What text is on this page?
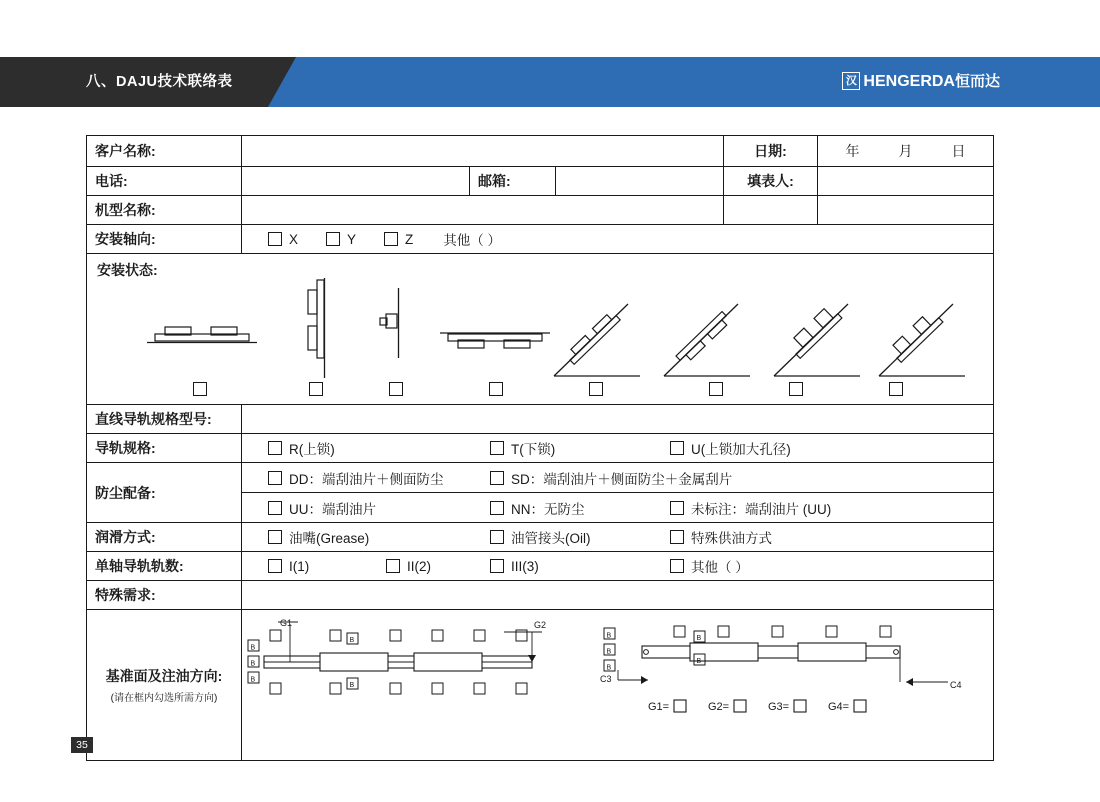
八、DAJU技术联络表	汉 HENGERDA恒而达
客户名称:	日期:	年	月	日
电话:	邮箱:	填表人:
机型名称:
安装轴向:	X	Y	Z 其他（ ）
安装状态:
直线导轨规格型号:
导轨规格:	R(上锁)	T(下锁)	U(上锁加大孔径)
防尘配备:
DD：端刮油片＋侧面防尘	SD：端刮油片＋侧面防尘＋金属刮片
UU：端刮油片	NN：无防尘	未标注：端刮油片 (UU)
润滑方式:	油嘴(Grease)	油管接头(Oil)	特殊供油方式
单轴导轨轨数:	I(1)	II(2)	III(3)	其他（ ）
特殊需求:
基准面及注油方向:
(请在框内勾选所需方向)
G1	G2
B
B
B
B
B
B
B
B
B
B
C3
C4
G1=	G2=	G3=	G4=
35
